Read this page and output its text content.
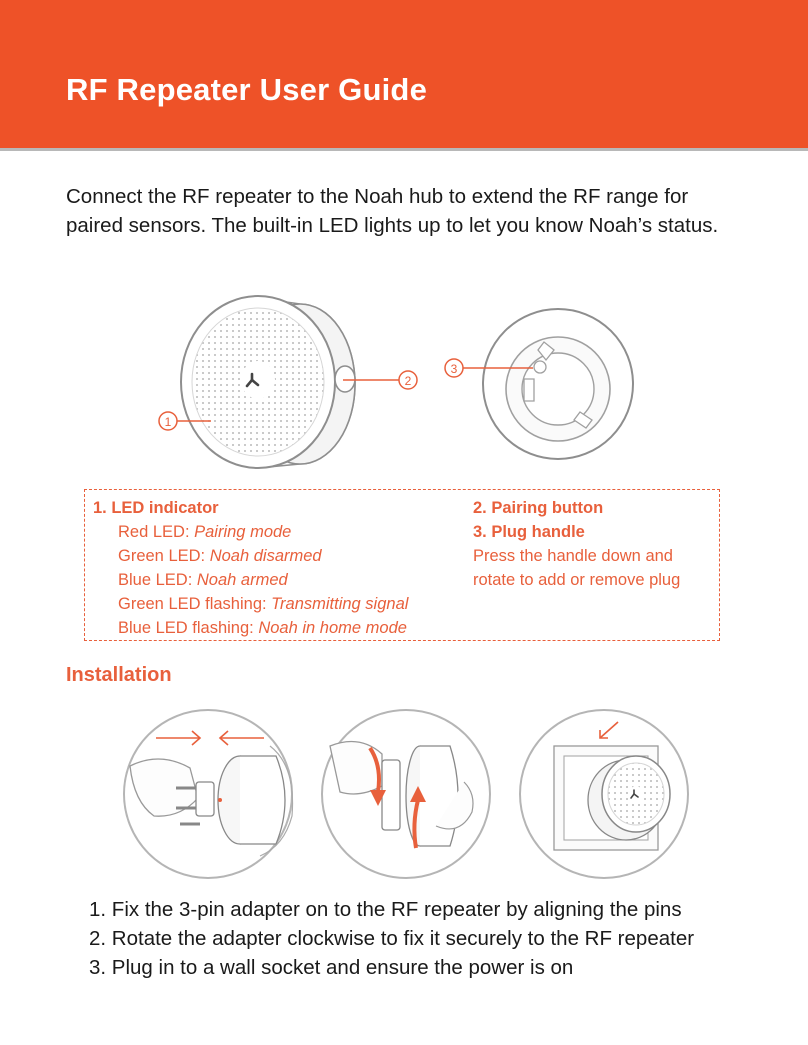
RF Repeater User Guide

Connect the RF repeater to the Noah hub to extend the RF range for paired sensors. The built-in LED lights up to let you know Noah’s status.

1
2
3
1. LED indicator
Red LED: Pairing mode
Green LED: Noah disarmed
Blue LED: Noah armed
Green LED flashing: Transmitting signal
Blue LED flashing: Noah in home mode
2. Pairing button
3. Plug handle
Press the handle down and
rotate to add or remove plug
Installation
1. Fix the 3-pin adapter on to the RF repeater by aligning the pins
2. Rotate the adapter clockwise to fix it securely to the RF repeater
3. Plug in to a wall socket and ensure the power is on
